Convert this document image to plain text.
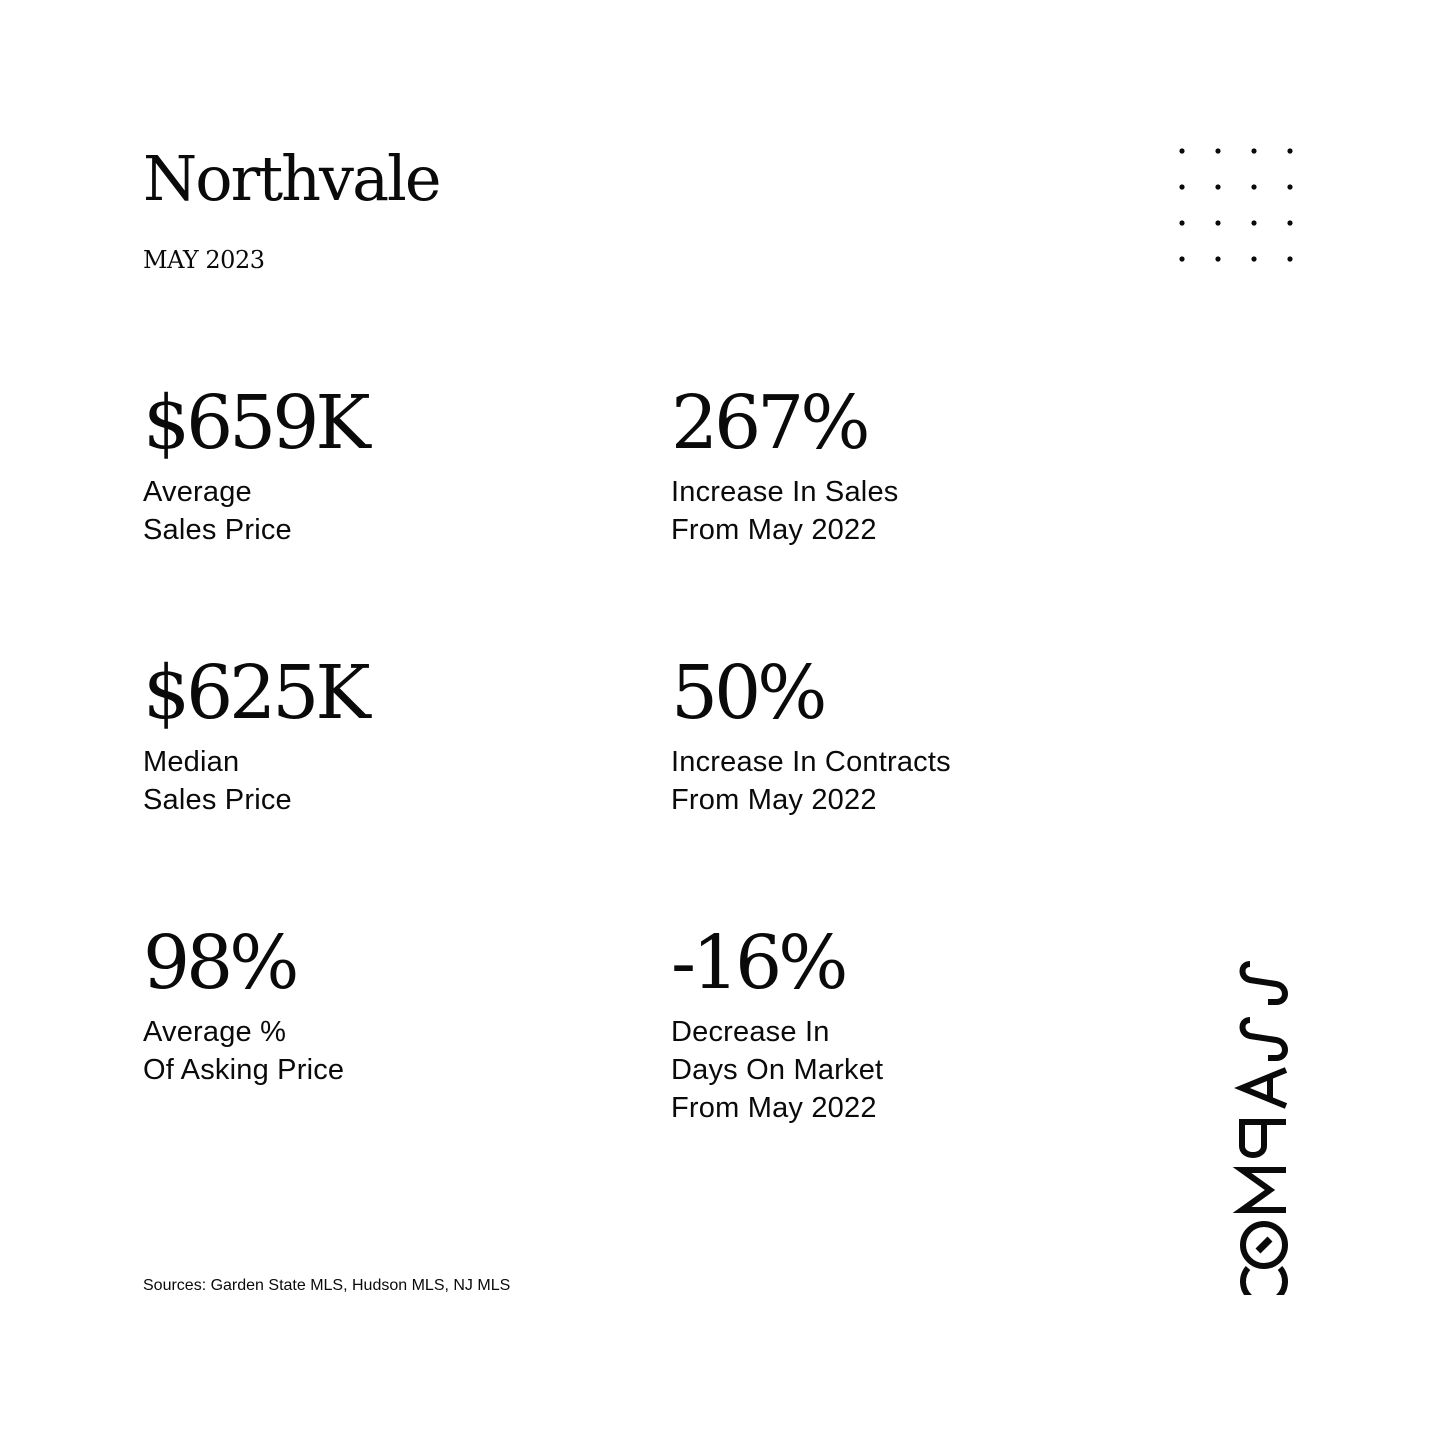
Northvale
MAY 2023
$659K
Average
Sales Price
267%
Increase In Sales
From May 2022
$625K
Median
Sales Price
50%
Increase In Contracts
From May 2022
98%
Average %
Of Asking Price
-16%
Decrease In
Days On Market
From May 2022
Sources: Garden State MLS, Hudson MLS, NJ MLS
